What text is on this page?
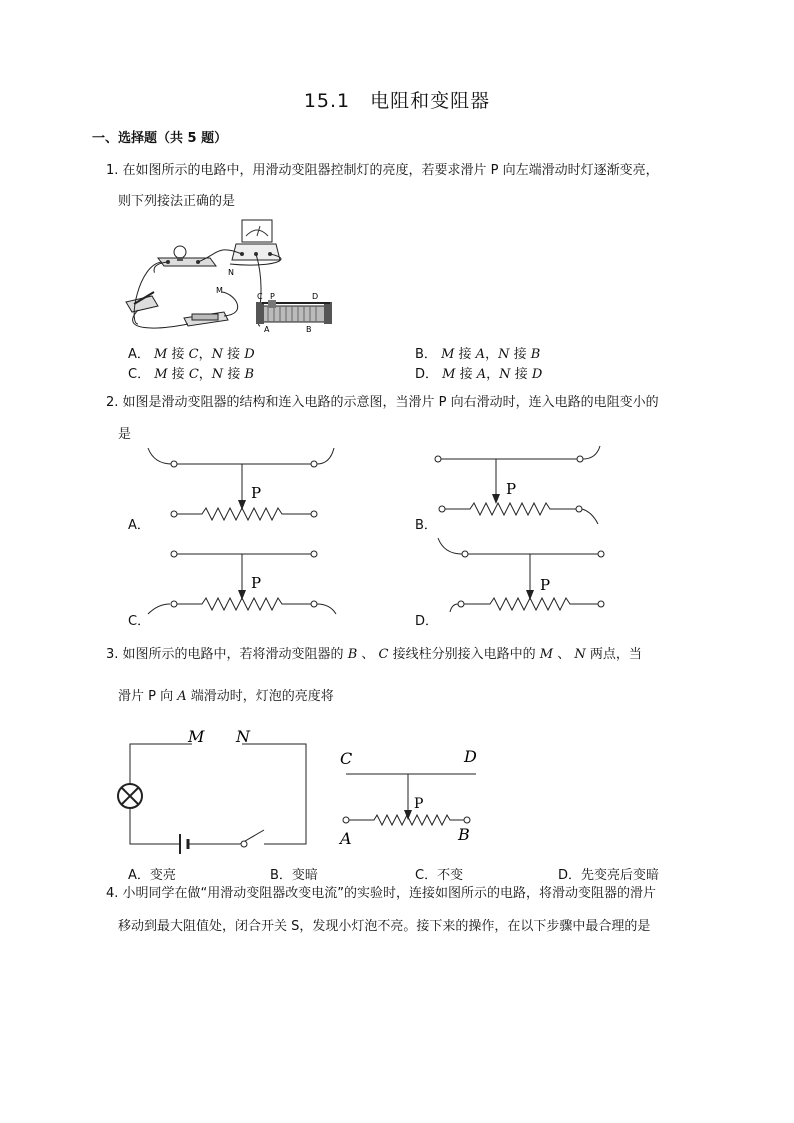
15.1　电阻和变阻器
一、选择题（共 5 题）
1. 在如图所示的电路中，用滑动变阻器控制灯的亮度，若要求滑片 P 向左端滑动时灯逐渐变亮，
则下列接法正确的是
N
M
C P	D
A	B
A． M 接 C，N 接 D	B． M 接 A，N 接 B
C． M 接 C，N 接 B	D． M 接 A，N 接 D
2. 如图是滑动变阻器的结构和连入电路的示意图，当滑片 P 向右滑动时，连入电路的电阻变小的
是
A．
P
B．
P
C．
P
D．
P
3. 如图所示的电路中，若将滑动变阻器的 B 、 C 接线柱分别接入电路中的 M 、 N 两点，当
滑片 P 向 A 端滑动时，灯泡的亮度将
M N
C	D
P
A	B
A．变亮	B．变暗	C．不变	D．先变亮后变暗
4. 小明同学在做“用滑动变阻器改变电流”的实验时，连接如图所示的电路，将滑动变阻器的滑片
移动到最大阻值处，闭合开关 S，发现小灯泡不亮。接下来的操作，在以下步骤中最合理的是
